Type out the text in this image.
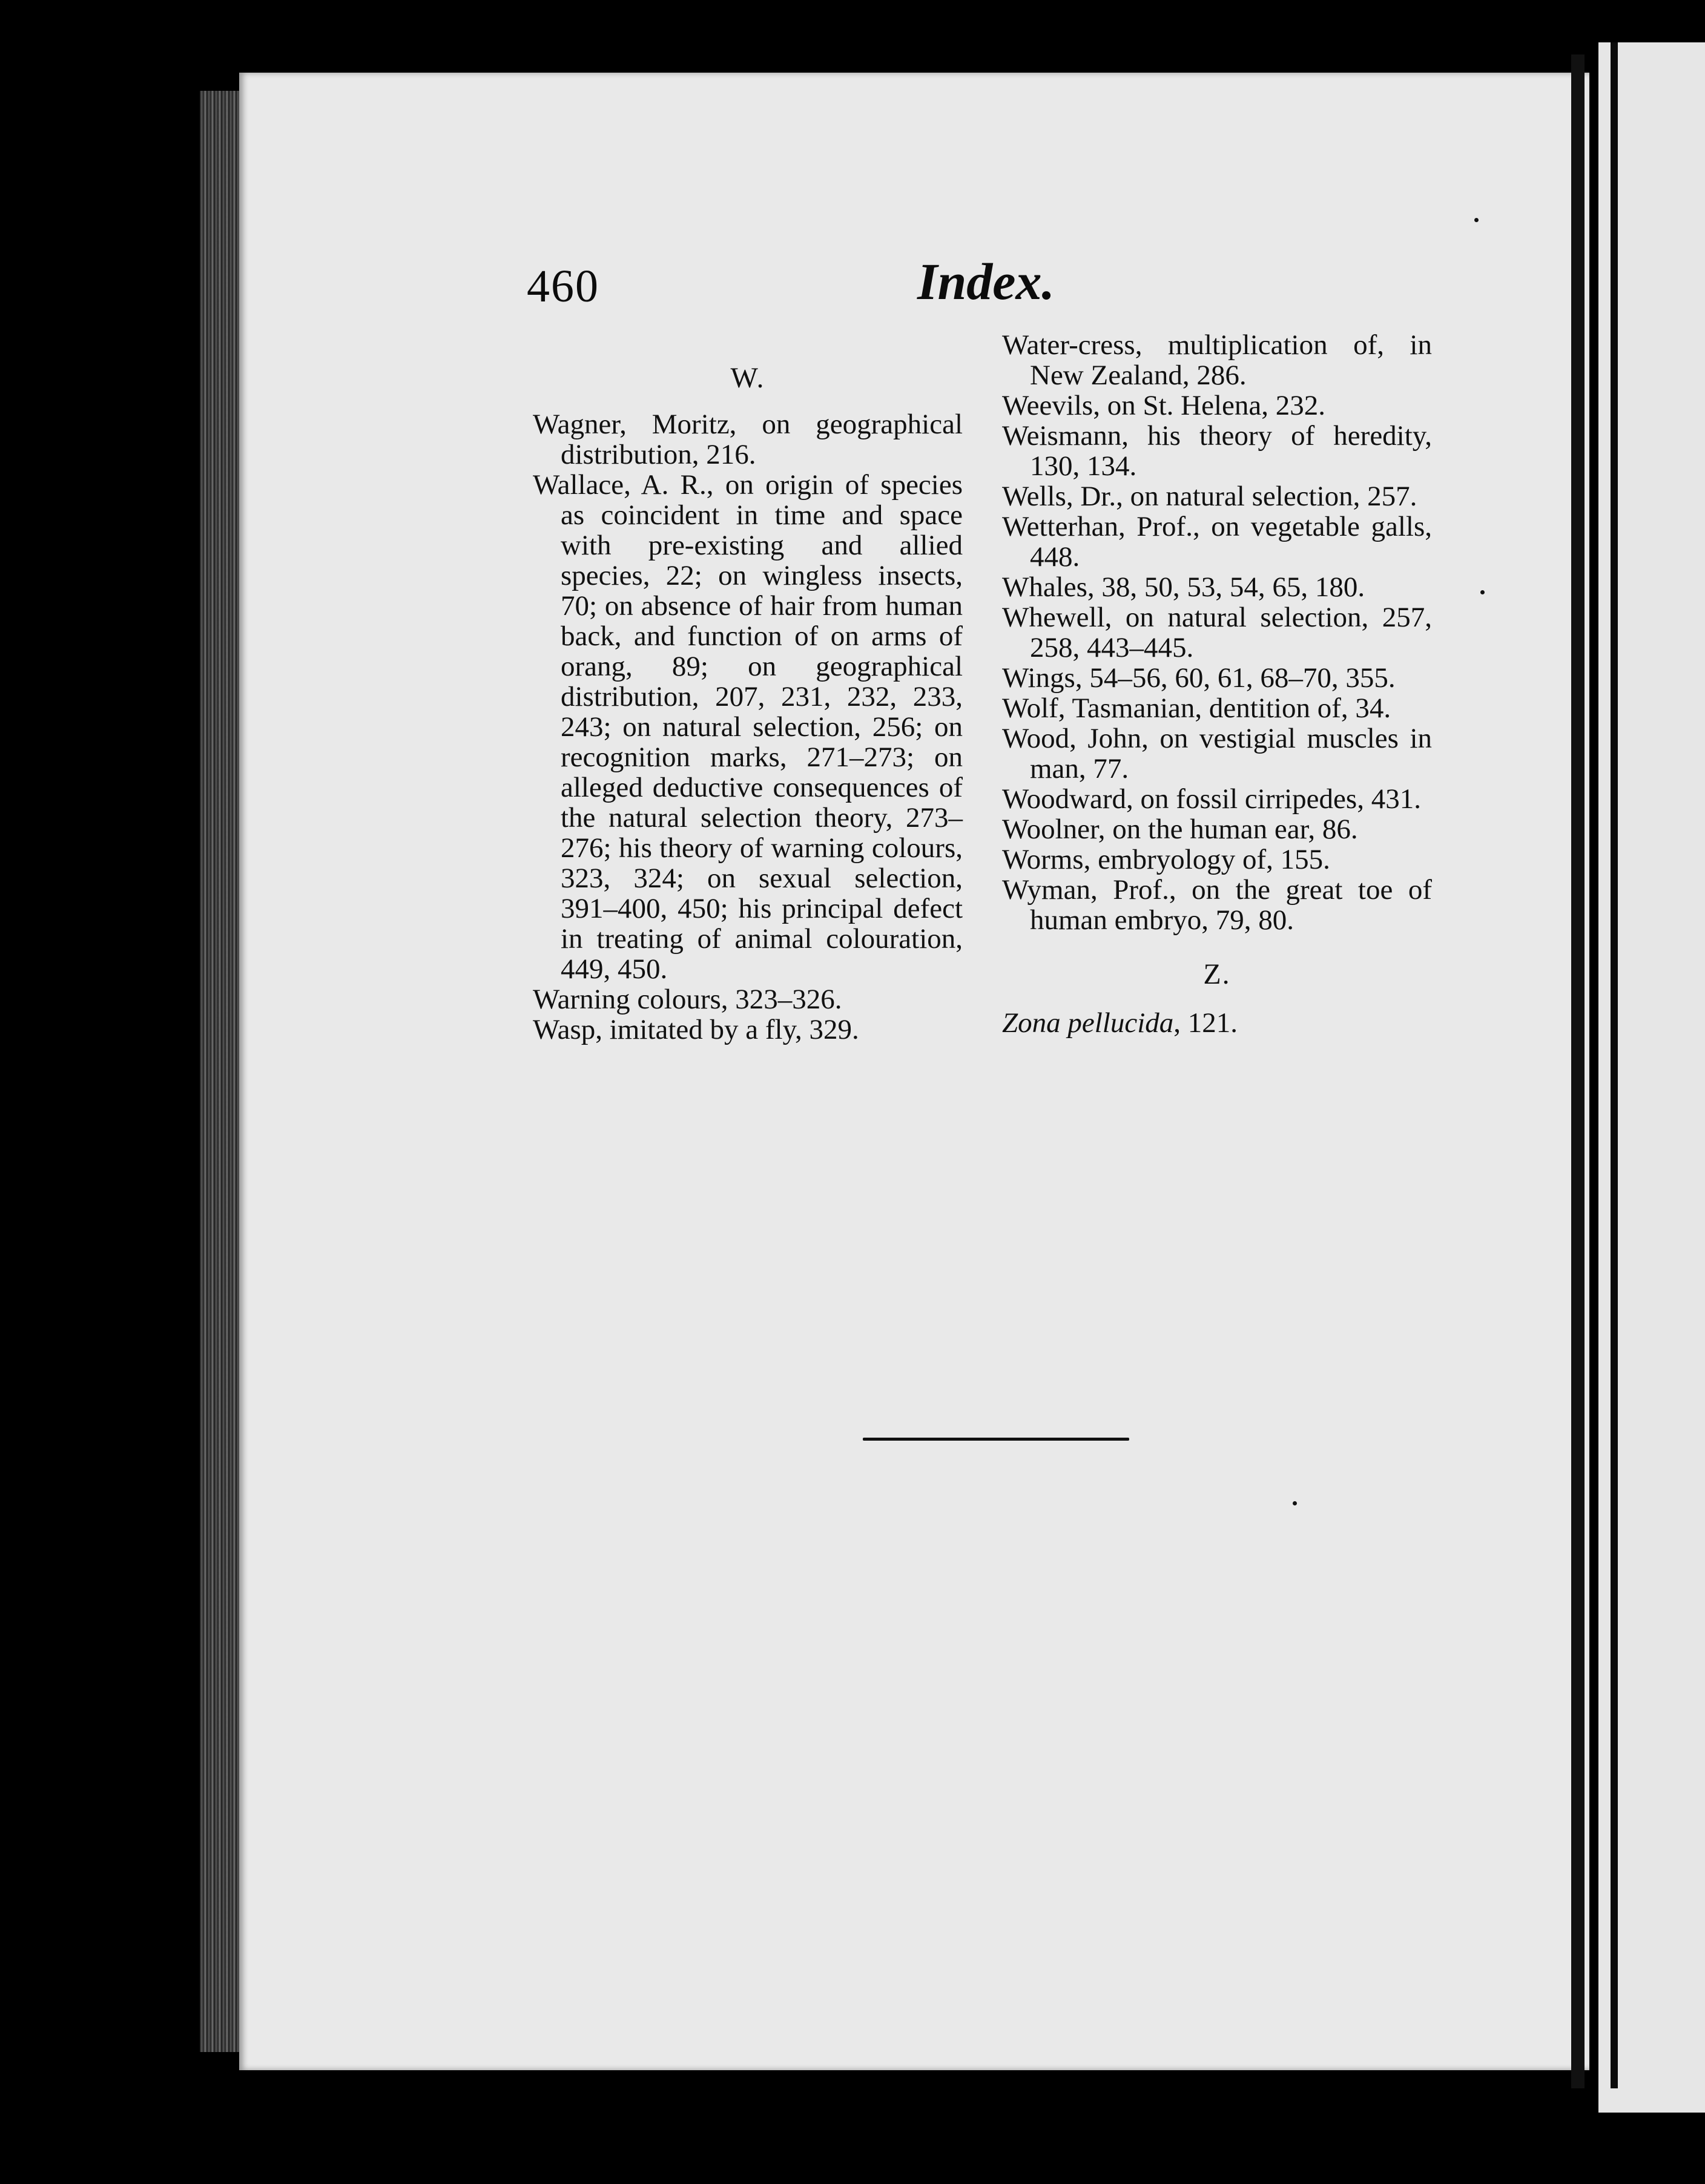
460	Index.
W.

Wagner, Moritz, on geographical distribution, 216.

Wallace, A. R., on origin of species as coincident in time and space with pre-existing and allied species, 22; on wingless insects, 70; on absence of hair from human back, and function of on arms of orang, 89; on geographical distribution, 207, 231, 232, 233, 243; on natural selection, 256; on recognition marks, 271–273; on alleged deductive consequences of the natural selection theory, 273–276; his theory of warning colours, 323, 324; on sexual selection, 391–400, 450; his principal defect in treating of animal colouration, 449, 450.

Warning colours, 323–326.

Wasp, imitated by a fly, 329.

Water-cress, multiplication of, in New Zealand, 286.

Weevils, on St. Helena, 232.

Weismann, his theory of heredity, 130, 134.

Wells, Dr., on natural selection, 257.

Wetterhan, Prof., on vegetable galls, 448.

Whales, 38, 50, 53, 54, 65, 180.

Whewell, on natural selection, 257, 258, 443–445.

Wings, 54–56, 60, 61, 68–70, 355.

Wolf, Tasmanian, dentition of, 34.

Wood, John, on vestigial muscles in man, 77.

Woodward, on fossil cirripedes, 431.

Woolner, on the human ear, 86.

Worms, embryology of, 155.

Wyman, Prof., on the great toe of human embryo, 79, 80.

Z.

Zona pellucida, 121.
